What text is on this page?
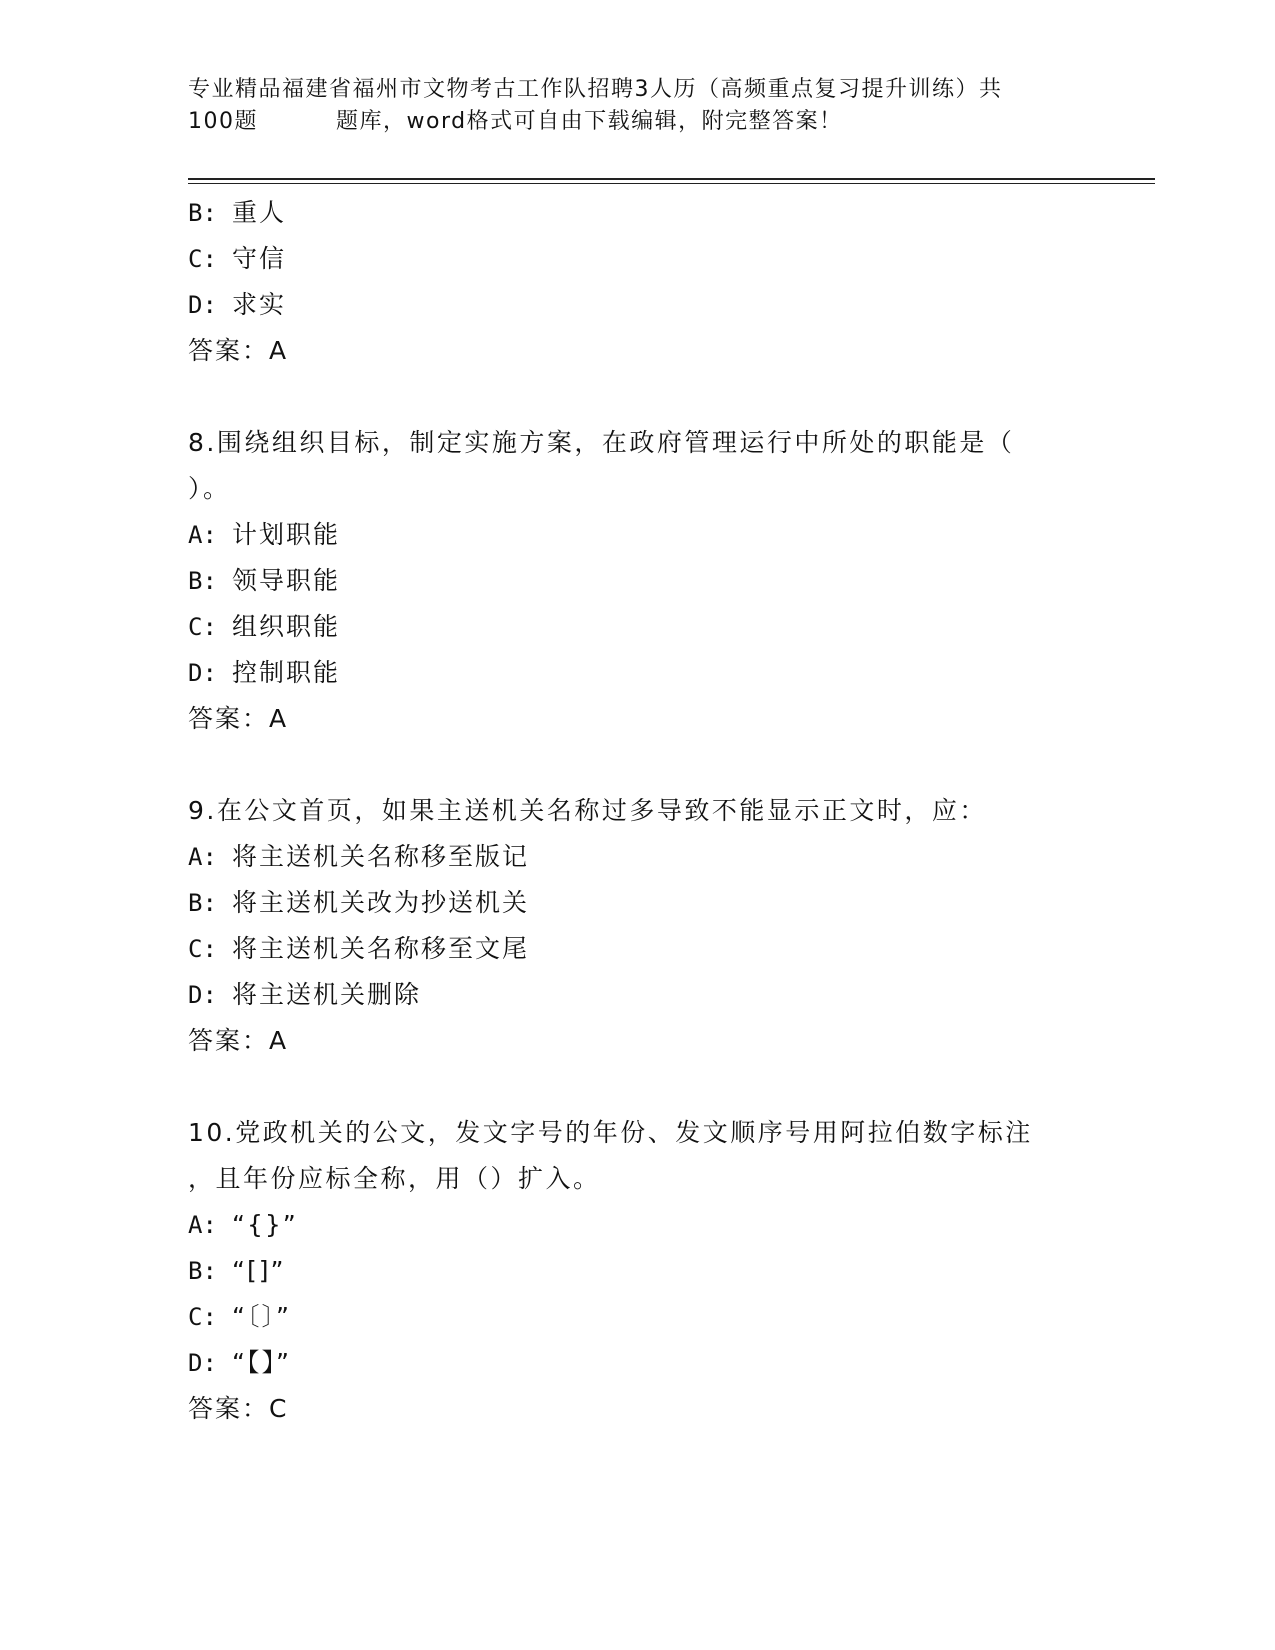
专业精品福建省福州市文物考古工作队招聘3人历（高频重点复习提升训练）共
100题	题库，word格式可自由下载编辑，附完整答案！
B: 重人
C: 守信
D: 求实
答案：A
8.围绕组织目标，制定实施方案，在政府管理运行中所处的职能是（
）。
A: 计划职能
B: 领导职能
C: 组织职能
D: 控制职能
答案：A
9.在公文首页，如果主送机关名称过多导致不能显示正文时，应：
A: 将主送机关名称移至版记
B: 将主送机关改为抄送机关
C: 将主送机关名称移至文尾
D: 将主送机关删除
答案：A
10.党政机关的公文，发文字号的年份、发文顺序号用阿拉伯数字标注
，且年份应标全称，用（）扩入。
A: “{}”
B: “[]”
C: “〔〕”
D: “【】”
答案：C
